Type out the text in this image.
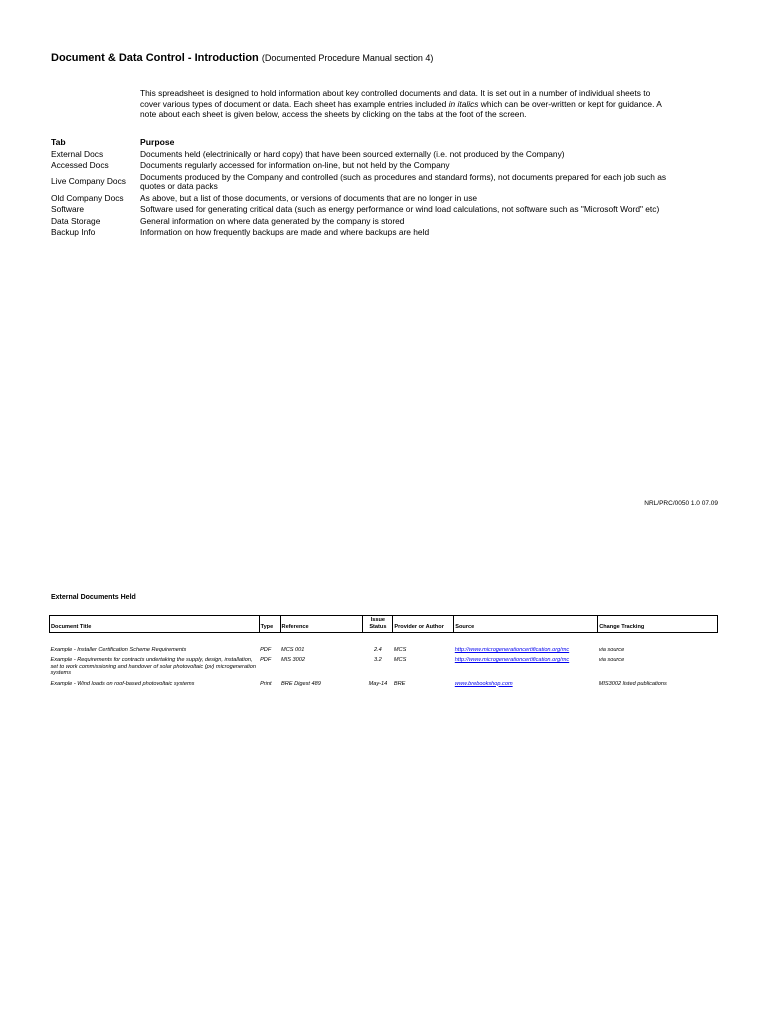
Document & Data Control - Introduction (Documented Procedure Manual section 4)
This spreadsheet is designed to hold information about key controlled documents and data. It is set out in a number of individual sheets to cover various types of document or data. Each sheet has example entries included in italics which can be over-written or kept for guidance. A note about each sheet is given below, access the sheets by clicking on the tabs at the foot of the screen.
Tab	Purpose
External Docs	Documents held (electrinically or hard copy) that have been sourced externally (i.e. not produced by the Company)
Accessed Docs	Documents regularly accessed for information on-line, but not held by the Company
Live Company Docs	Documents produced by the Company and controlled (such as procedures and standard forms), not documents prepared for each job such as quotes or data packs
Old Company Docs	As above, but a list of those documents, or versions of documents that are no longer in use
Software	Software used for generating critical data (such as energy performance or wind load calculations, not software such as "Microsoft Word" etc)
Data Storage	General information on where data generated by the company is stored
Backup Info	Information on how frequently backups are made and where backups are held
NRL/PRC/0050 1.0 07.09
External Documents Held
Document Title	Type	Reference	Issue Status	Provider or Author	Source	Change Tracking

Example - Installer Certification Scheme Requirements	PDF	MCS 001	2.4	MCS	http://www.microgenerationcertification.org/mc	via source
Example - Requirements for contracts undertaking the supply, design, installation, set to work commissioning and handover of solar photovoltaic (pv) microgeneration systems	PDF	MIS 3002	3.2	MCS	http://www.microgenerationcertification.org/mc	via source
Example - Wind loads on roof-based photovoltaic systems	Print	BRE Digest 489	May-14	BRE	www.brebookshop.com	MIS3002 listed publications
